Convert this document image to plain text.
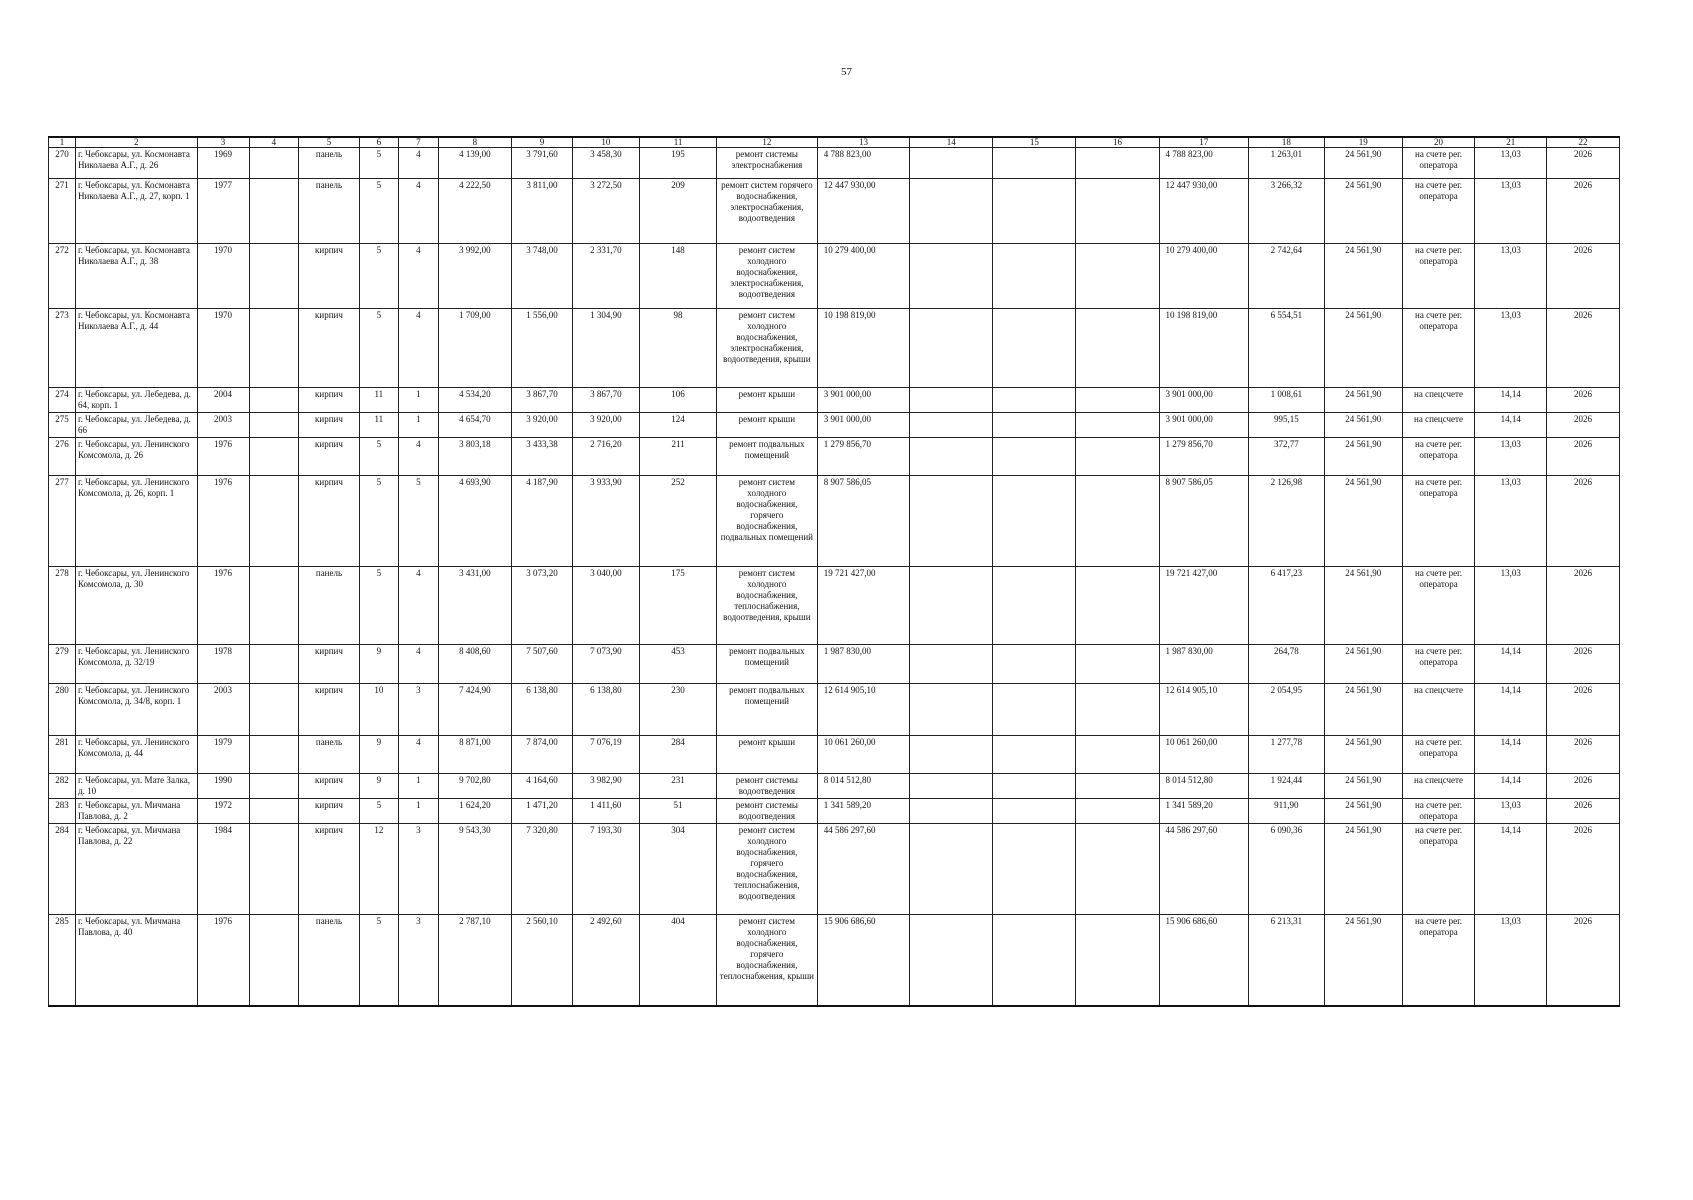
57
1	2	3	4	5	6	7	8	9	10	11	12	13	14	15	16	17	18	19	20	21	22
270	г. Чебоксары, ул. Космонавта Николаева А.Г., д. 26	1969		панель	5	4	4 139,00	3 791,60	3 458,30	195	ремонт системы электроснабжения	4 788 823,00				4 788 823,00	1 263,01	24 561,90	на счете рег. оператора	13,03	2026
271	г. Чебоксары, ул. Космонавта Николаева А.Г., д. 27, корп. 1	1977		панель	5	4	4 222,50	3 811,00	3 272,50	209	ремонт систем горячего водоснабжения, электроснабжения, водоотведения	12 447 930,00				12 447 930,00	3 266,32	24 561,90	на счете рег. оператора	13,03	2026
272	г. Чебоксары, ул. Космонавта Николаева А.Г., д. 38	1970		кирпич	5	4	3 992,00	3 748,00	2 331,70	148	ремонт систем холодного водоснабжения, электроснабжения, водоотведения	10 279 400,00				10 279 400,00	2 742,64	24 561,90	на счете рег. оператора	13,03	2026
273	г. Чебоксары, ул. Космонавта Николаева А.Г., д. 44	1970		кирпич	5	4	1 709,00	1 556,00	1 304,90	98	ремонт систем холодного водоснабжения, электроснабжения, водоотведения, крыши	10 198 819,00				10 198 819,00	6 554,51	24 561,90	на счете рег. оператора	13,03	2026
274	г. Чебоксары, ул. Лебедева, д. 64, корп. 1	2004		кирпич	11	1	4 534,20	3 867,70	3 867,70	106	ремонт крыши	3 901 000,00				3 901 000,00	1 008,61	24 561,90	на спецсчете	14,14	2026
275	г. Чебоксары, ул. Лебедева, д. 66	2003		кирпич	11	1	4 654,70	3 920,00	3 920,00	124	ремонт крыши	3 901 000,00				3 901 000,00	995,15	24 561,90	на спецсчете	14,14	2026
276	г. Чебоксары, ул. Ленинского Комсомола, д. 26	1976		кирпич	5	4	3 803,18	3 433,38	2 716,20	211	ремонт подвальных помещений	1 279 856,70				1 279 856,70	372,77	24 561,90	на счете рег. оператора	13,03	2026
277	г. Чебоксары, ул. Ленинского Комсомола, д. 26, корп. 1	1976		кирпич	5	5	4 693,90	4 187,90	3 933,90	252	ремонт систем холодного водоснабжения, горячего водоснабжения, подвальных помещений	8 907 586,05				8 907 586,05	2 126,98	24 561,90	на счете рег. оператора	13,03	2026
278	г. Чебоксары, ул. Ленинского Комсомола, д. 30	1976		панель	5	4	3 431,00	3 073,20	3 040,00	175	ремонт систем холодного водоснабжения, теплоснабжения, водоотведения, крыши	19 721 427,00				19 721 427,00	6 417,23	24 561,90	на счете рег. оператора	13,03	2026
279	г. Чебоксары, ул. Ленинского Комсомола, д. 32/19	1978		кирпич	9	4	8 408,60	7 507,60	7 073,90	453	ремонт подвальных помещений	1 987 830,00				1 987 830,00	264,78	24 561,90	на счете рег. оператора	14,14	2026
280	г. Чебоксары, ул. Ленинского Комсомола, д. 34/8, корп. 1	2003		кирпич	10	3	7 424,90	6 138,80	6 138,80	230	ремонт подвальных помещений	12 614 905,10				12 614 905,10	2 054,95	24 561,90	на спецсчете	14,14	2026
281	г. Чебоксары, ул. Ленинского Комсомола, д. 44	1979		панель	9	4	8 871,00	7 874,00	7 076,19	284	ремонт крыши	10 061 260,00				10 061 260,00	1 277,78	24 561,90	на счете рег. оператора	14,14	2026
282	г. Чебоксары, ул. Мате Залка, д. 10	1990		кирпич	9	1	9 702,80	4 164,60	3 982,90	231	ремонт системы водоотведения	8 014 512,80				8 014 512,80	1 924,44	24 561,90	на спецсчете	14,14	2026
283	г. Чебоксары, ул. Мичмана Павлова, д. 2	1972		кирпич	5	1	1 624,20	1 471,20	1 411,60	51	ремонт системы водоотведения	1 341 589,20				1 341 589,20	911,90	24 561,90	на счете рег. оператора	13,03	2026
284	г. Чебоксары, ул. Мичмана Павлова, д. 22	1984		кирпич	12	3	9 543,30	7 320,80	7 193,30	304	ремонт систем холодного водоснабжения, горячего водоснабжения, теплоснабжения, водоотведения	44 586 297,60				44 586 297,60	6 090,36	24 561,90	на счете рег. оператора	14,14	2026
285	г. Чебоксары, ул. Мичмана Павлова, д. 40	1976		панель	5	3	2 787,10	2 560,10	2 492,60	404	ремонт систем холодного водоснабжения, горячего водоснабжения, теплоснабжения, крыши	15 906 686,60				15 906 686,60	6 213,31	24 561,90	на счете рег. оператора	13,03	2026
